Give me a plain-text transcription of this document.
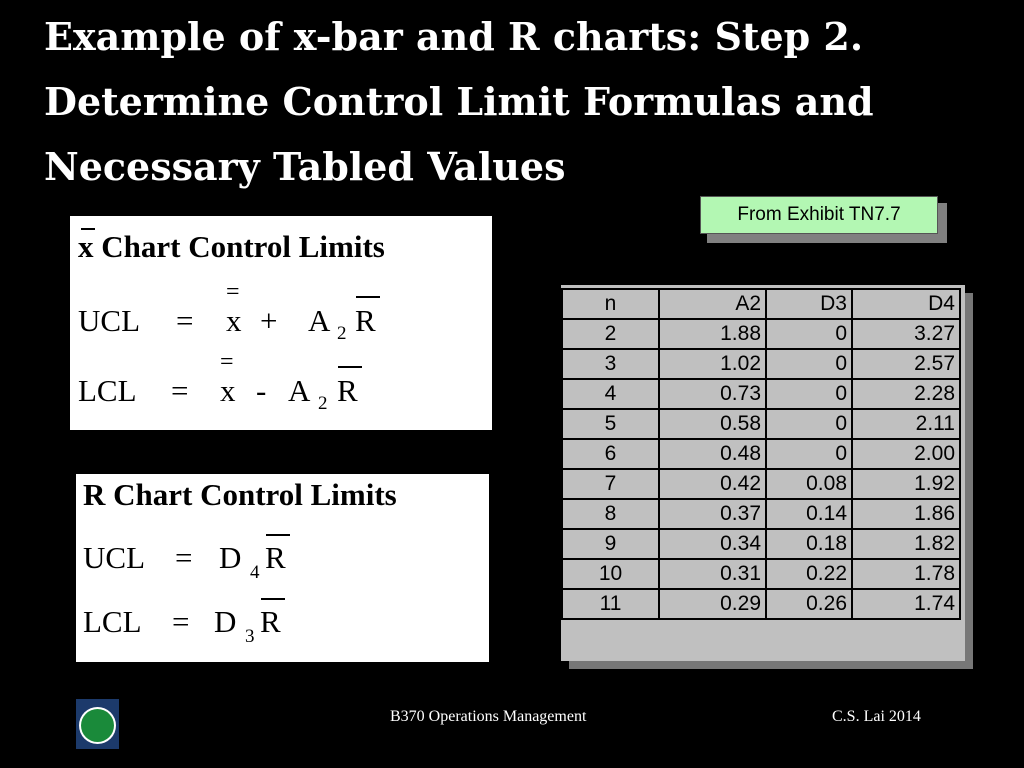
Example of x-bar and R charts: Step 2.
Determine Control Limit Formulas and
Necessary Tabled Values
From Exhibit TN7.7
x Chart Control Limits
UCL =
=
x + A 2 R
LCL =
=
x - A 2 R
R Chart Control Limits
UCL = D 4 R
LCL = D 3 R
n	A2	D3	D4
2	1.88	0	3.27
3	1.02	0	2.57
4	0.73	0	2.28
5	0.58	0	2.11
6	0.48	0	2.00
7	0.42	0.08	1.92
8	0.37	0.14	1.86
9	0.34	0.18	1.82
10	0.31	0.22	1.78
11	0.29	0.26	1.74
B370 Operations Management	C.S. Lai 2014
